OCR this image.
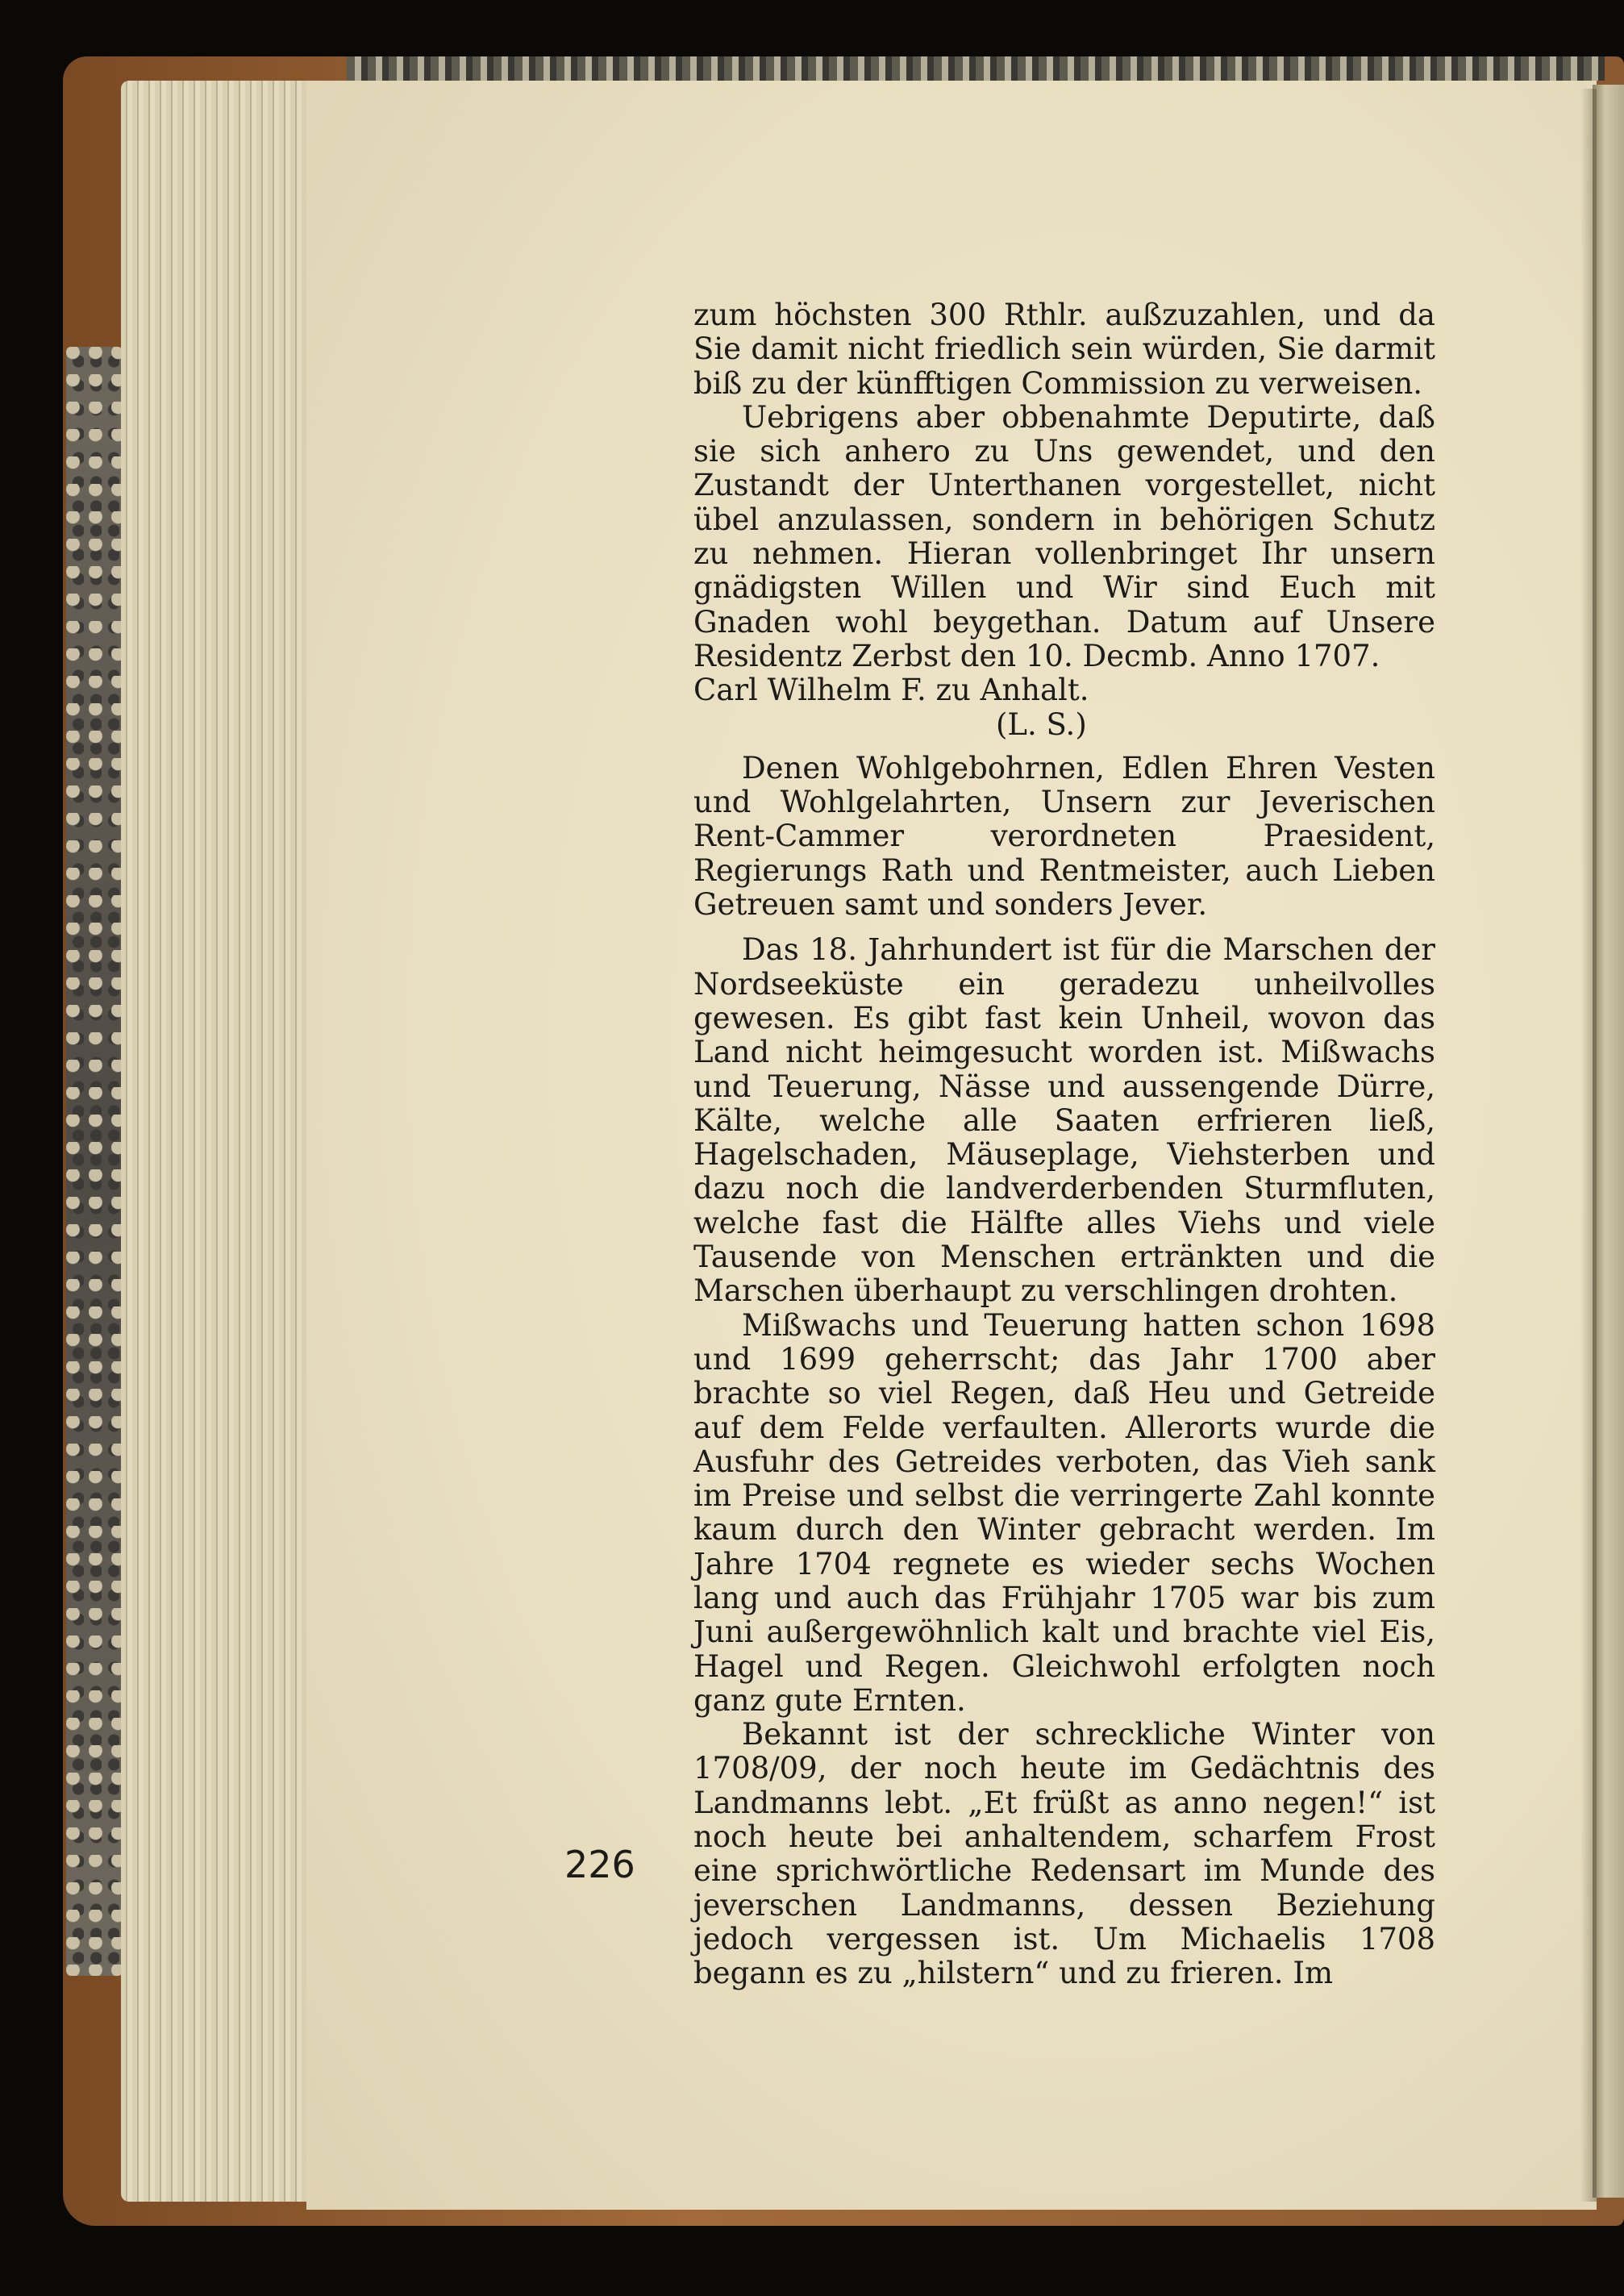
zum höchsten 300 Rthlr. außzuzahlen, und da Sie damit nicht friedlich sein würden, Sie darmit biß zu der künfftigen Commission zu verweisen.

Uebrigens aber obbenahmte Deputirte, daß sie sich anhero zu Uns gewendet, und den Zustandt der Unterthanen vorgestellet, nicht übel anzulassen, sondern in behörigen Schutz zu nehmen. Hieran vollenbringet Ihr unsern gnädigsten Willen und Wir sind Euch mit Gnaden wohl beygethan. Datum auf Unsere Residentz Zerbst den 10. Decmb. Anno 1707.

Carl Wilhelm F. zu Anhalt.

(L. S.)

Denen Wohlgebohrnen, Edlen Ehren Vesten und Wohlgelahrten, Unsern zur Jeverischen Rent-Cammer verordneten Praesident, Regierungs Rath und Rentmeister, auch Lieben Getreuen samt und sonders Jever.

Das 18. Jahrhundert ist für die Marschen der Nordseeküste ein geradezu unheilvolles gewesen. Es gibt fast kein Unheil, wovon das Land nicht heimgesucht worden ist. Mißwachs und Teuerung, Nässe und aussengende Dürre, Kälte, welche alle Saaten erfrieren ließ, Hagelschaden, Mäuseplage, Viehsterben und dazu noch die landverderbenden Sturmfluten, welche fast die Hälfte alles Viehs und viele Tausende von Menschen ertränkten und die Marschen überhaupt zu verschlingen drohten.

Mißwachs und Teuerung hatten schon 1698 und 1699 geherrscht; das Jahr 1700 aber brachte so viel Regen, daß Heu und Getreide auf dem Felde verfaulten. Allerorts wurde die Ausfuhr des Getreides verboten, das Vieh sank im Preise und selbst die verringerte Zahl konnte kaum durch den Winter gebracht werden. Im Jahre 1704 regnete es wieder sechs Wochen lang und auch das Frühjahr 1705 war bis zum Juni außergewöhnlich kalt und brachte viel Eis, Hagel und Regen. Gleichwohl erfolgten noch ganz gute Ernten.

Bekannt ist der schreckliche Winter von 1708/09, der noch heute im Gedächtnis des Landmanns lebt. „Et früßt as anno negen!“ ist noch heute bei anhaltendem, scharfem Frost eine sprichwörtliche Redensart im Munde des jeverschen Landmanns, dessen Beziehung jedoch vergessen ist. Um Michaelis 1708 begann es zu „hilstern“ und zu frieren. Im

226
